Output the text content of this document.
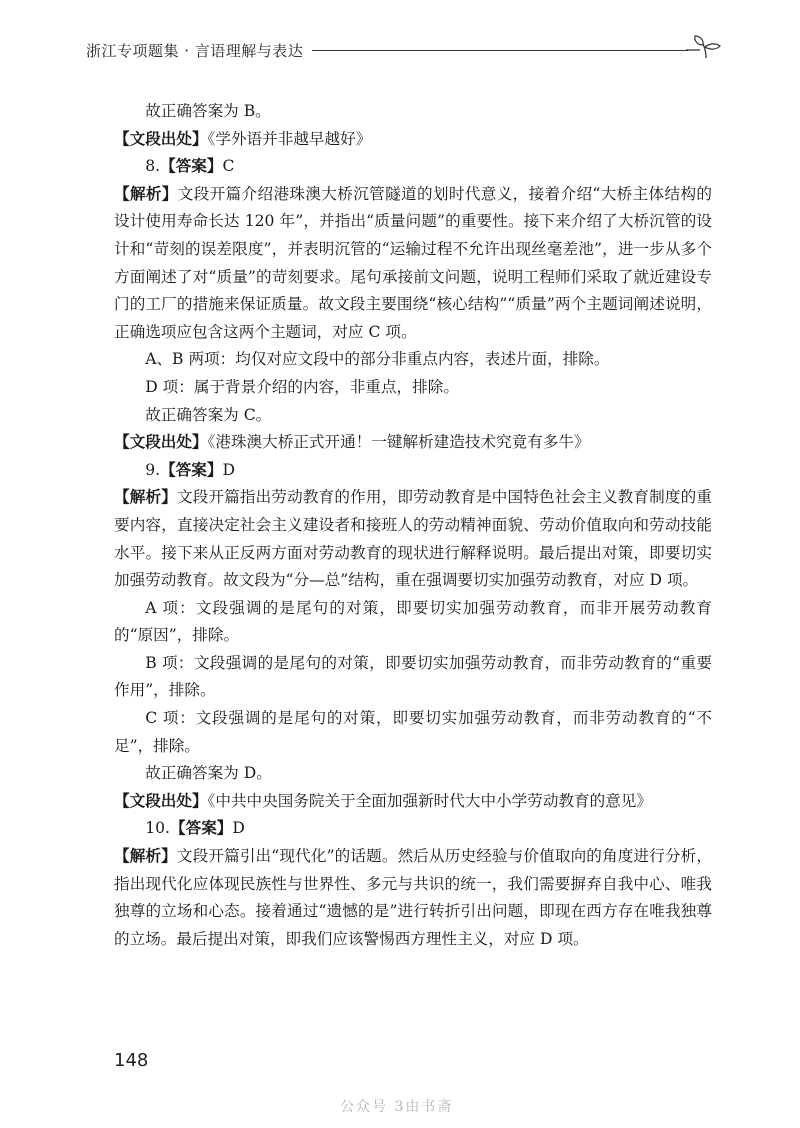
浙江专项题集 · 言语理解与表达

故正确答案为 B。

【文段出处】《学外语并非越早越好》

8.【答案】C

【解析】文段开篇介绍港珠澳大桥沉管隧道的划时代意义，接着介绍“大桥主体结构的设计使用寿命长达 120 年”，并指出“质量问题”的重要性。接下来介绍了大桥沉管的设计和“苛刻的误差限度”，并表明沉管的“运输过程不允许出现丝毫差池”，进一步从多个方面阐述了对“质量”的苛刻要求。尾句承接前文问题，说明工程师们采取了就近建设专门的工厂的措施来保证质量。故文段主要围绕“核心结构”“质量”两个主题词阐述说明，正确选项应包含这两个主题词，对应 C 项。

A、B 两项：均仅对应文段中的部分非重点内容，表述片面，排除。

D 项：属于背景介绍的内容，非重点，排除。

故正确答案为 C。

【文段出处】《港珠澳大桥正式开通！一键解析建造技术究竟有多牛》

9.【答案】D

【解析】文段开篇指出劳动教育的作用，即劳动教育是中国特色社会主义教育制度的重要内容，直接决定社会主义建设者和接班人的劳动精神面貌、劳动价值取向和劳动技能水平。接下来从正反两方面对劳动教育的现状进行解释说明。最后提出对策，即要切实加强劳动教育。故文段为“分—总”结构，重在强调要切实加强劳动教育，对应 D 项。

A 项：文段强调的是尾句的对策，即要切实加强劳动教育，而非开展劳动教育的“原因”，排除。

B 项：文段强调的是尾句的对策，即要切实加强劳动教育，而非劳动教育的“重要作用”，排除。

C 项：文段强调的是尾句的对策，即要切实加强劳动教育，而非劳动教育的“不足”，排除。

故正确答案为 D。

【文段出处】《中共中央国务院关于全面加强新时代大中小学劳动教育的意见》

10.【答案】D

【解析】文段开篇引出“现代化”的话题。然后从历史经验与价值取向的角度进行分析，指出现代化应体现民族性与世界性、多元与共识的统一，我们需要摒弃自我中心、唯我独尊的立场和心态。接着通过“遗憾的是”进行转折引出问题，即现在西方存在唯我独尊的立场。最后提出对策，即我们应该警惕西方理性主义，对应 D 项。

148
公众号 3由书斋
